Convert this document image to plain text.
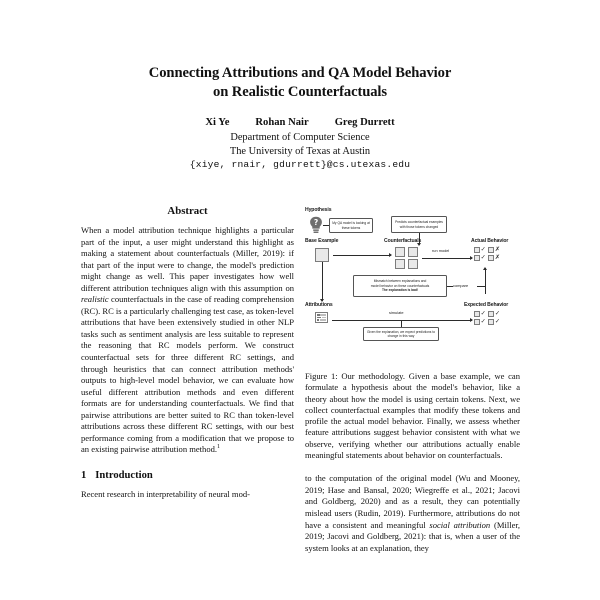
Connecting Attributions and QA Model Behavior
on Realistic Counterfactuals
Xi Ye Rohan Nair Greg Durrett
Department of Computer Science
The University of Texas at Austin
{xiye, rnair, gdurrett}@cs.utexas.edu
Abstract

When a model attribution technique highlights a particular part of the input, a user might understand this highlight as making a statement about counterfactuals (Miller, 2019): if that part of the input were to change, the model's prediction might change as well. This paper investigates how well different attribution techniques align with this assumption on realistic counterfactuals in the case of reading comprehension (RC). RC is a particularly challenging test case, as token-level attributions that have been extensively studied in other NLP tasks such as sentiment analysis are less suitable to represent the reasoning that RC models perform. We construct counterfactual sets for three different RC settings, and through heuristics that can connect attribution methods' outputs to high-level model behavior, we can evaluate how useful different attribution methods and even different formats are for understanding counterfactuals. We find that pairwise attributions are better suited to RC than token-level attributions across these different RC settings, with our best performance coming from a modification that we propose to an existing pairwise attribution method.$^1$

1 Introduction

Recent research in interpretability of neural mod-

Hypothesis
?	My QA model is looking at these tokens
Predicts counterfactual examples with those tokens changed
Base Example	Counterfactuals	Actual Behavior
run model	✓ ✗
✓ ✗
Mismatch between explanations and
model behavior on these counterfactuals
The explanation is bad!
compare
Attributions	Expected Behavior
simulate
Given the explanation, we expect predictions to change in this way
✓ ✓
✓ ✓

Figure 1: Our methodology. Given a base example, we can formulate a hypothesis about the model's behavior, like a theory about how the model is using certain tokens. Next, we collect counterfactual examples that modify these tokens and profile the actual model behavior. Finally, we assess whether feature attributions suggest behavior consistent with what we observe, verifying whether our attributions actually enable meaningful statements about behavior on counterfactuals.

to the computation of the original model (Wu and Mooney, 2019; Hase and Bansal, 2020; Wiegreffe et al., 2021; Jacovi and Goldberg, 2020) and as a result, they can potentially mislead users (Rudin, 2019). Furthermore, attributions do not have a consistent and meaningful social attribution (Miller, 2019; Jacovi and Goldberg, 2021): that is, when a user of the system looks at an explanation, they
